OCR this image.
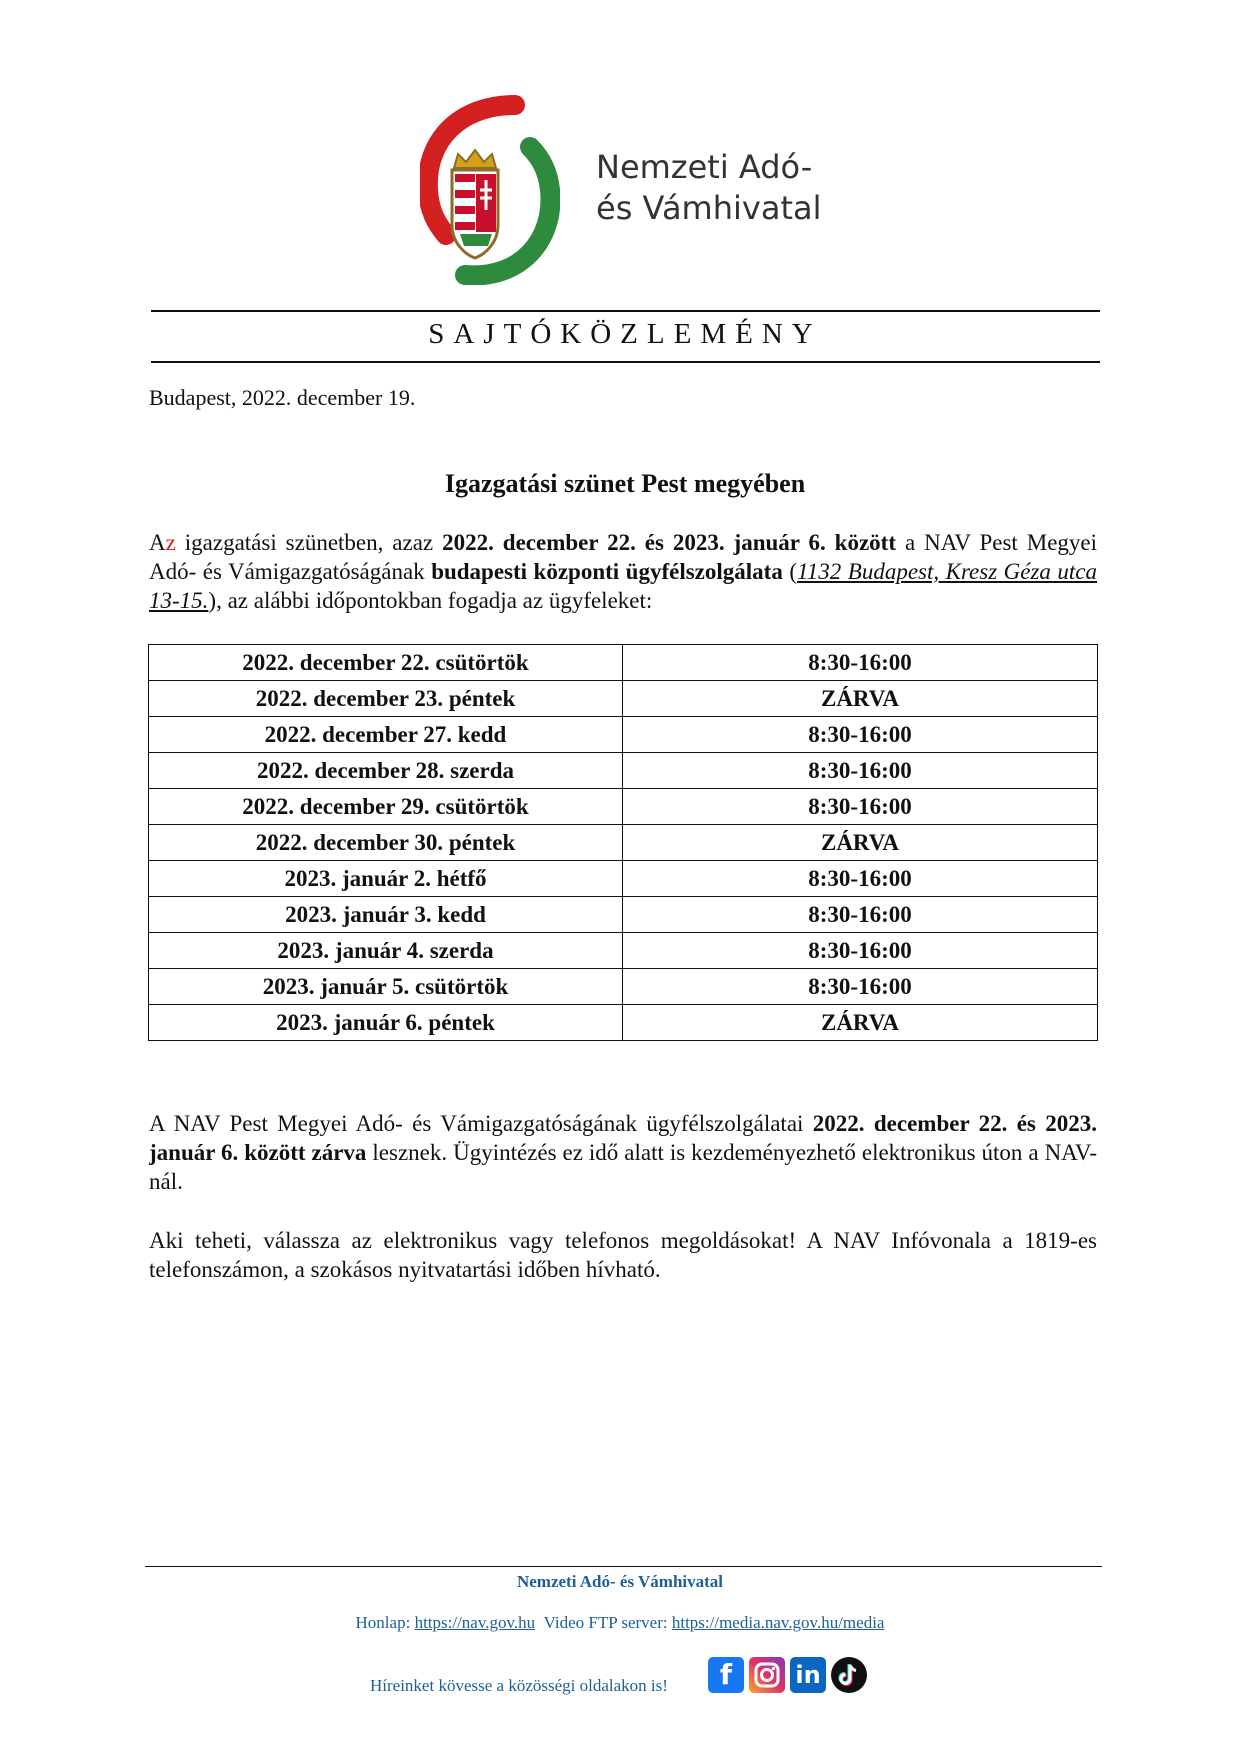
Nemzeti Adó-
és Vámhivatal
SAJTÓKÖZLEMÉNY
Budapest, 2022. december 19.
Igazgatási szünet Pest megyében
Az igazgatási szünetben, azaz 2022. december 22. és 2023. január 6. között a NAV Pest Megyei Adó- és Vámigazgatóságának budapesti központi ügyfélszolgálata (1132 Budapest, Kresz Géza utca 13-15.), az alábbi időpontokban fogadja az ügyfeleket:
2022. december 22. csütörtök	8:30-16:00
2022. december 23. péntek	ZÁRVA
2022. december 27. kedd	8:30-16:00
2022. december 28. szerda	8:30-16:00
2022. december 29. csütörtök	8:30-16:00
2022. december 30. péntek	ZÁRVA
2023. január 2. hétfő	8:30-16:00
2023. január 3. kedd	8:30-16:00
2023. január 4. szerda	8:30-16:00
2023. január 5. csütörtök	8:30-16:00
2023. január 6. péntek	ZÁRVA
A NAV Pest Megyei Adó- és Vámigazgatóságának ügyfélszolgálatai 2022. december 22. és 2023. január 6. között zárva lesznek. Ügyintézés ez idő alatt is kezdeményezhető elektronikus úton a NAV-nál.
Aki teheti, válassza az elektronikus vagy telefonos megoldásokat! A NAV Infóvonala a 1819-es telefonszámon, a szokásos nyitvatartási időben hívható.
Nemzeti Adó- és Vámhivatal
Honlap: https://nav.gov.hu Video FTP server: https://media.nav.gov.hu/media
Híreinket kövesse a közösségi oldalakon is!	f	in
